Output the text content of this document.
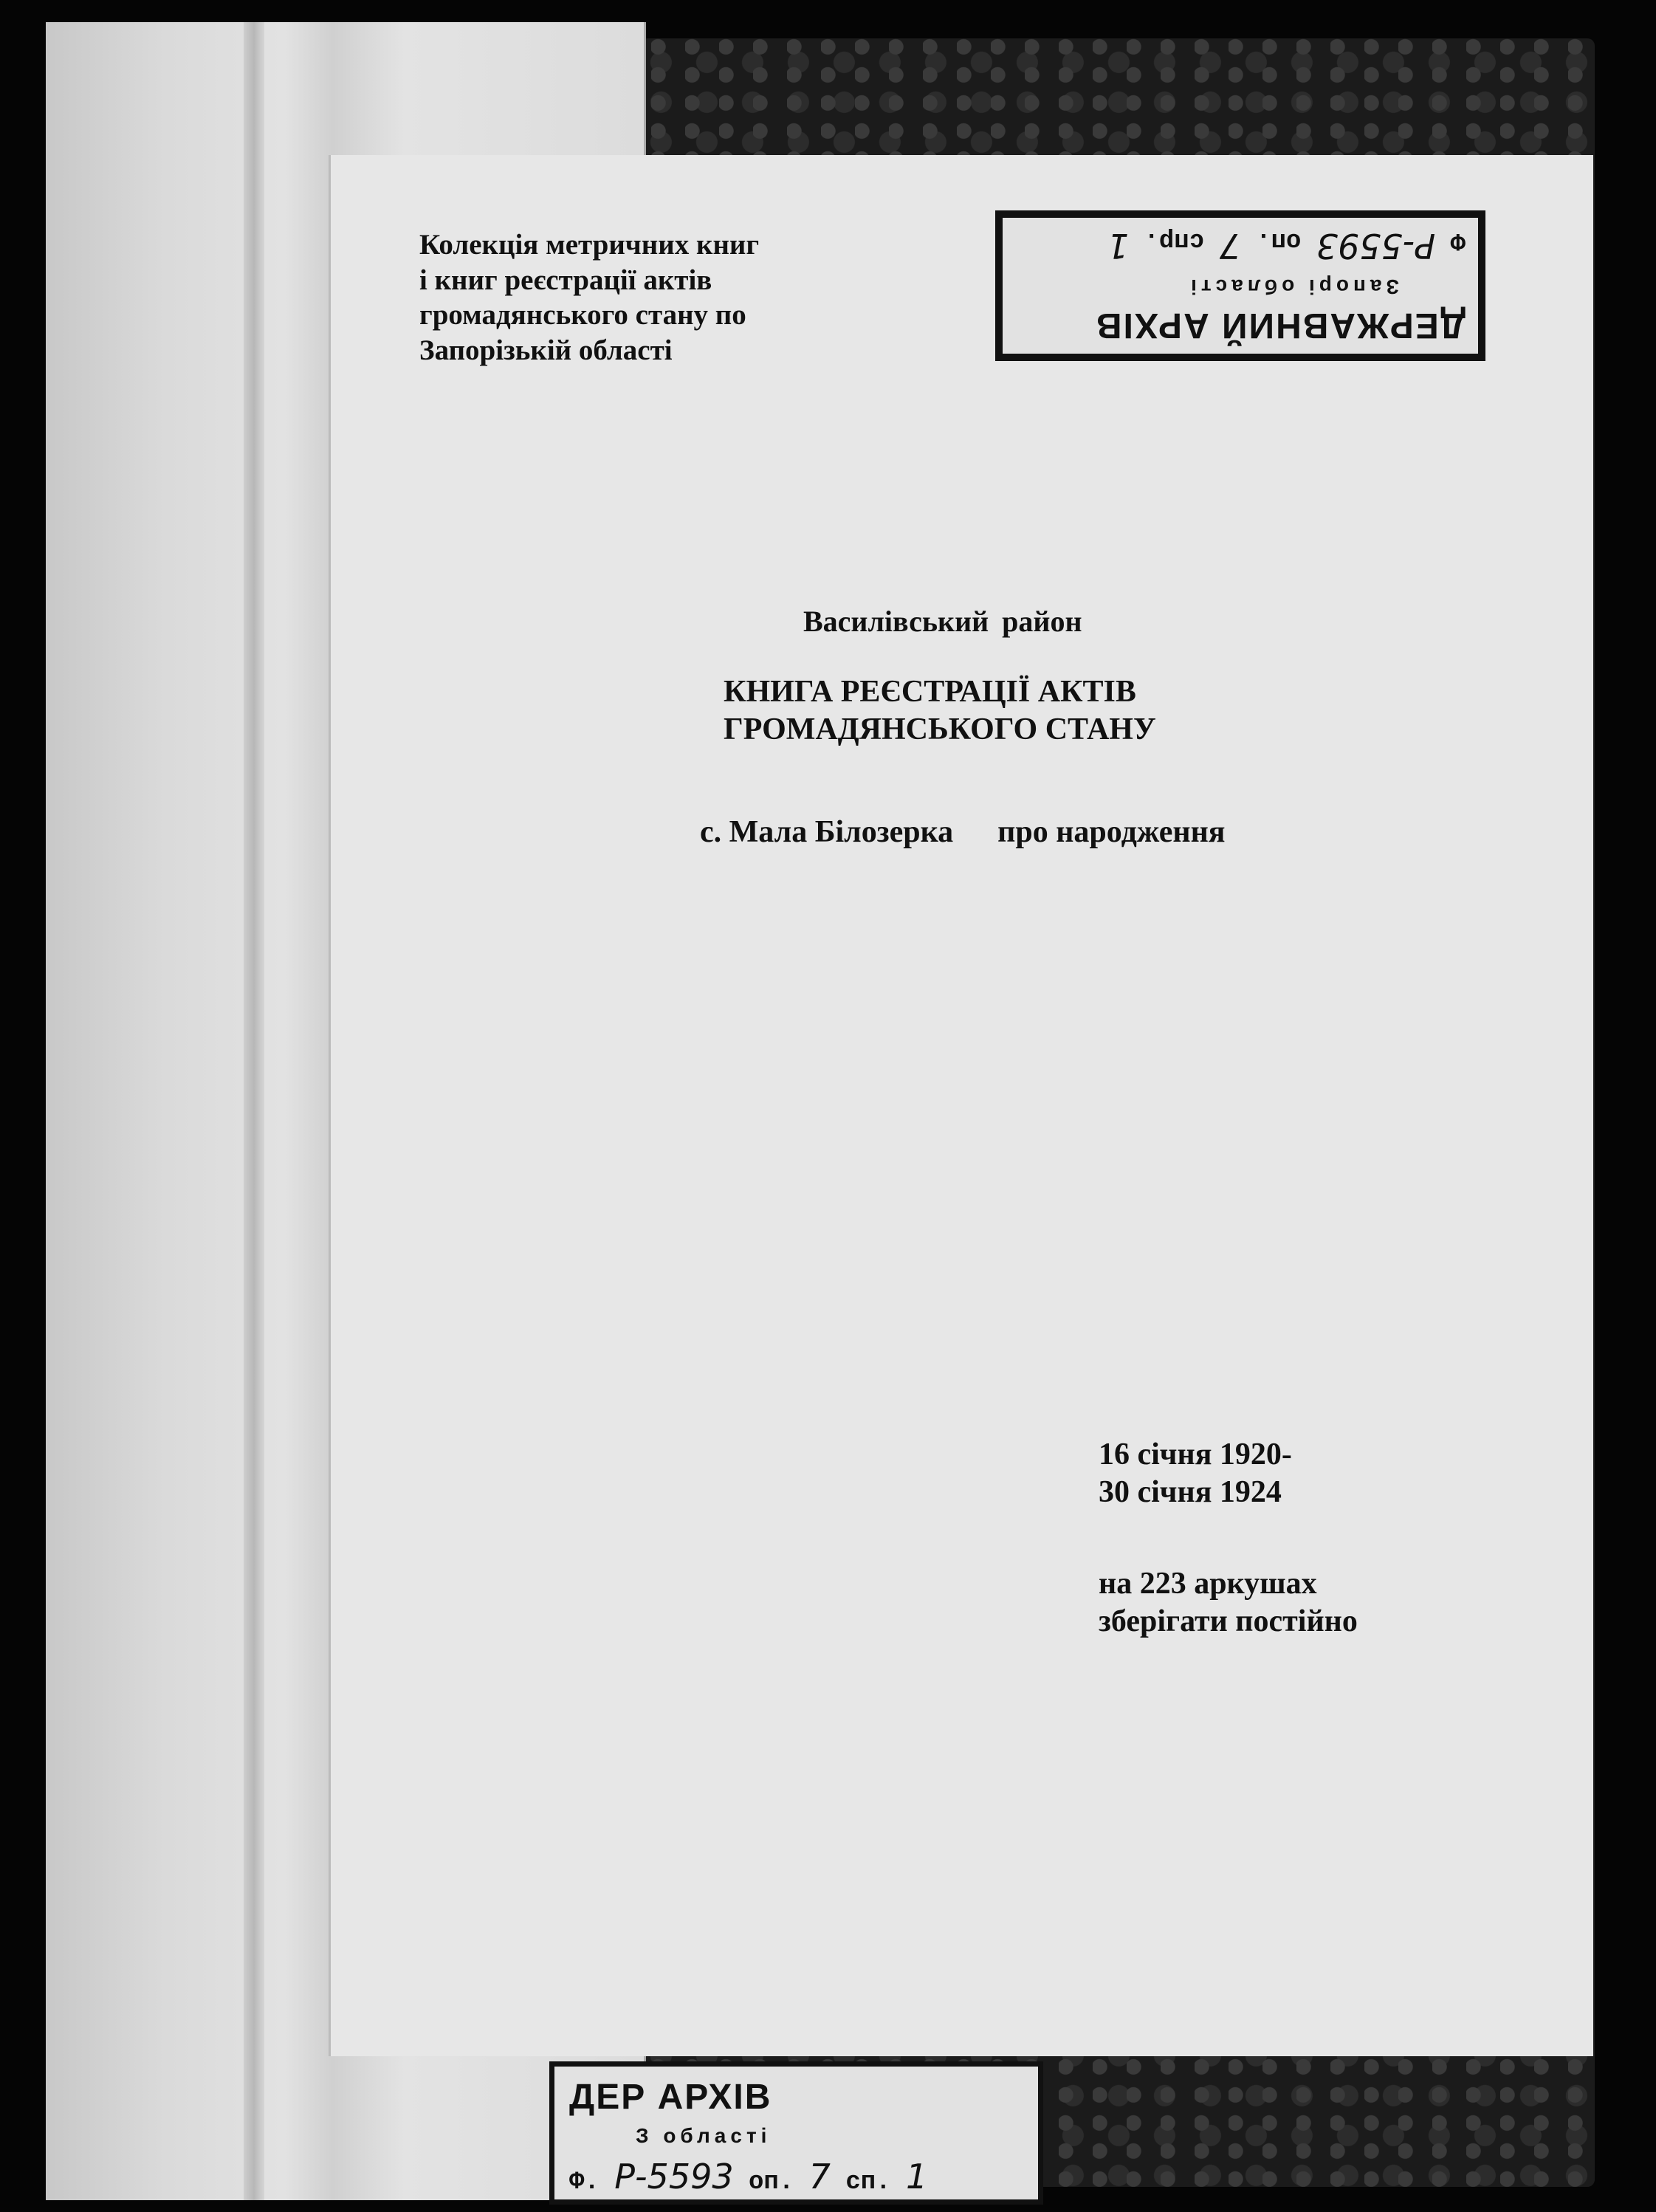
Колекція метричних книг
і книг реєстрації актів
громадянського стану по
Запорізькій області
ДЕРЖАВНИЙ АРХІВ
Запорі області
Ф Р-5593 оп. 7 спр. 1
Василівський район
КНИГА РЕЄСТРАЦІЇ АКТІВ
ГРОМАДЯНСЬКОГО СТАНУ
с. Мала Білозерка про народження
16 січня 1920-
30 січня 1924
на 223 аркушах
зберігати постійно
ДЕР АРХІВ
З області
Ф. Р-5593 оп. 7 сп. 1
